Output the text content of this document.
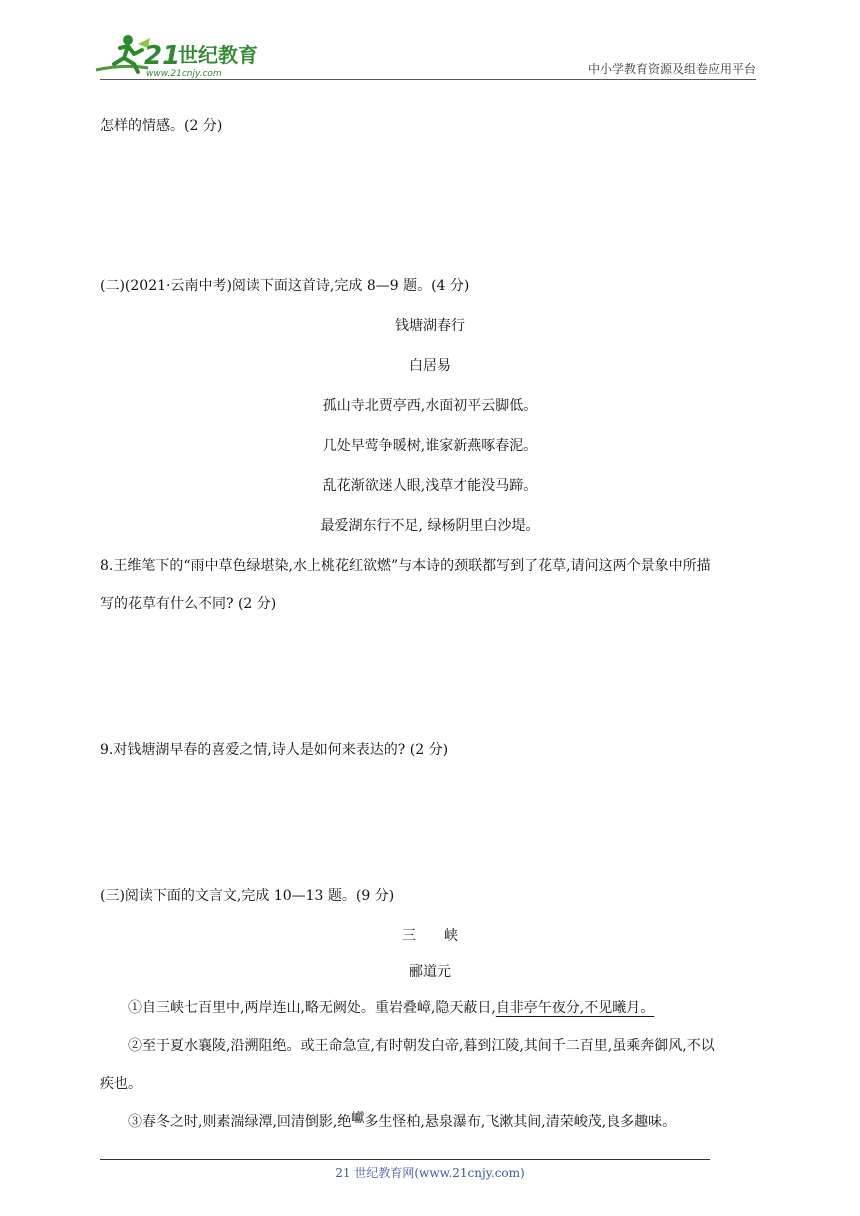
21
世纪教育
www.21cnjy.com	中小学教育资源及组卷应用平台
怎样的情感。(2 分)
(二)(2021·云南中考)阅读下面这首诗,完成 8—9 题。(4 分)
钱塘湖春行
白居易
孤山寺北贾亭西,水面初平云脚低。
几处早莺争暖树,谁家新燕啄春泥。
乱花渐欲迷人眼,浅草才能没马蹄。
最爱湖东行不足, 绿杨阴里白沙堤。
8.王维笔下的“雨中草色绿堪染,水上桃花红欲燃”与本诗的颈联都写到了花草,请问这两个景象中所描
写的花草有什么不同? (2 分)
9.对钱塘湖早春的喜爱之情,诗人是如何来表达的? (2 分)
(三)阅读下面的文言文,完成 10—13 题。(9 分)
三　　峡
郦道元
①自三峡七百里中,两岸连山,略无阙处。重岩叠嶂,隐天蔽日,自非亭午夜分,不见曦月。
②至于夏水襄陵,沿溯阻绝。或王命急宣,有时朝发白帝,暮到江陵,其间千二百里,虽乘奔御风,不以
疾也。
③春冬之时,则素湍绿潭,回清倒影,绝巘多生怪柏,悬泉瀑布,飞漱其间,清荣峻茂,良多趣味。
21 世纪教育网(www.21cnjy.com)
